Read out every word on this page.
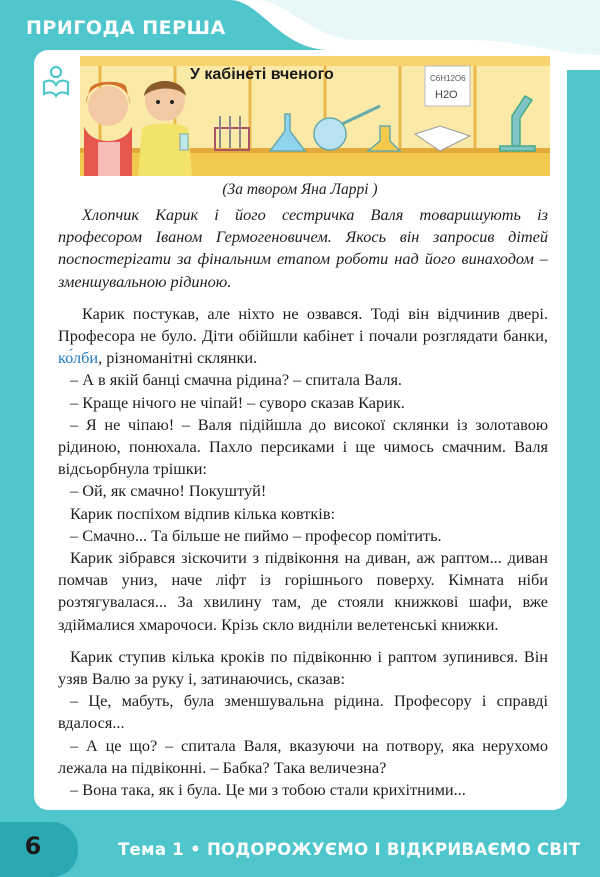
ПРИГОДА ПЕРША
C6H12O6
H2O
У кабінеті вченого
(За твором Яна Ларрі )

Хлопчик Карик і його сестричка Валя товаришують із професором Іваном Гермогеновичем. Якось він запросив дітей поспостерігати за фінальним етапом роботи над його винаходом – зменшувальною рідиною.

Карик постукав, але ніхто не озвався. Тоді він відчинив двері. Професора не було. Діти обійшли кабінет і почали розглядати банки, ко́лби, різноманітні склянки.

– А в якій банці смачна рідина? – спитала Валя.

– Краще нічого не чіпай! – суворо сказав Карик.

– Я не чіпаю! – Валя підійшла до високої склянки із золотавою рідиною, понюхала. Пахло персиками і ще чимось смачним. Валя відсьорбнула трішки:

– Ой, як смачно! Покуштуй!

Карик поспіхом відпив кілька ковтків:

– Смачно... Та більше не пиймо – професор помітить.

Карик зібрався зіскочити з підвіконня на диван, аж раптом... диван помчав униз, наче ліфт із горішнього поверху. Кімната ніби розтягувалася... За хвилину там, де стояли книжкові шафи, вже здіймалися хмарочоси. Крізь скло видніли велетенські книжки.

Карик ступив кілька кроків по підвіконню і раптом зупинився. Він узяв Валю за руку і, затинаючись, сказав:

– Це, мабуть, була зменшувальна рідина. Професору і справді вдалося...

– А це що? – спитала Валя, вказуючи на потвору, яка нерухомо лежала на підвіконні. – Бабка? Така величезна?

– Вона така, як і була. Це ми з тобою стали крихітними...

6	Тема 1 • ПОДОРОЖУЄМО І ВІДКРИВАЄМО СВІТ
